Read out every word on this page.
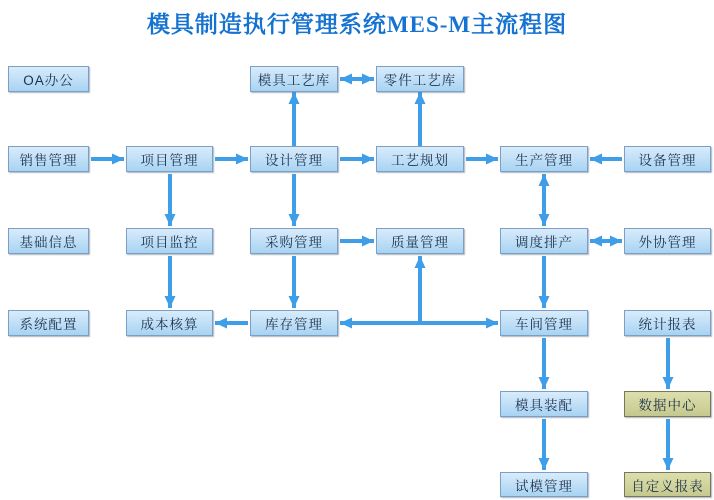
模具制造执行管理系统MES-M主流程图
OA办公	模具工艺库	零件工艺库
销售管理	项目管理	设计管理	工艺规划	生产管理	设备管理
基础信息	项目监控	采购管理	质量管理	调度排产	外协管理
系统配置	成本核算	库存管理	车间管理	统计报表
模具装配	数据中心
试模管理	自定义报表
